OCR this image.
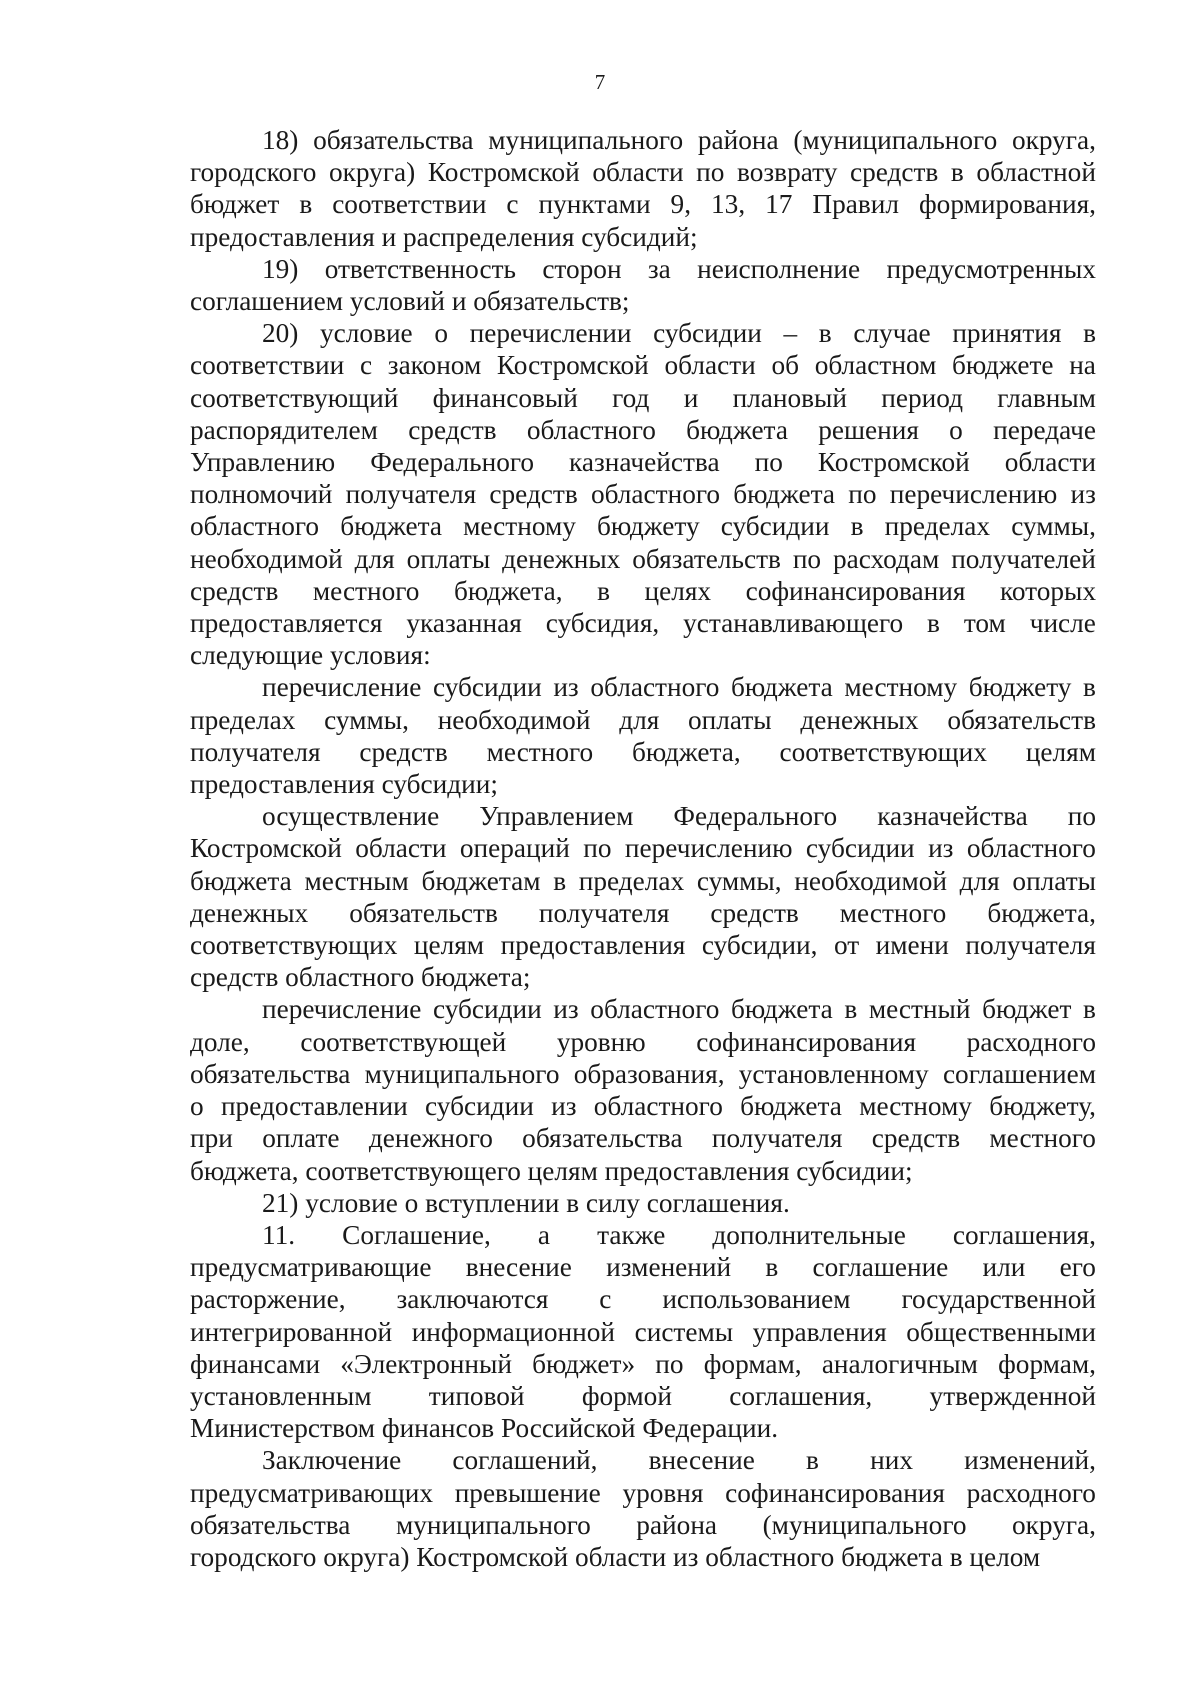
7
18) обязательства муниципального района (муниципального округа,
городского округа) Костромской области по возврату средств в областной
бюджет в соответствии с пунктами 9, 13, 17 Правил формирования,
предоставления и распределения субсидий;
19) ответственность сторон за неисполнение предусмотренных
соглашением условий и обязательств;
20) условие о перечислении субсидии – в случае принятия в
соответствии с законом Костромской области об областном бюджете на
соответствующий финансовый год и плановый период главным
распорядителем средств областного бюджета решения о передаче
Управлению Федерального казначейства по Костромской области
полномочий получателя средств областного бюджета по перечислению из
областного бюджета местному бюджету субсидии в пределах суммы,
необходимой для оплаты денежных обязательств по расходам получателей
средств местного бюджета, в целях софинансирования которых
предоставляется указанная субсидия, устанавливающего в том числе
следующие условия:
перечисление субсидии из областного бюджета местному бюджету в
пределах суммы, необходимой для оплаты денежных обязательств
получателя средств местного бюджета, соответствующих целям
предоставления субсидии;
осуществление Управлением Федерального казначейства по
Костромской области операций по перечислению субсидии из областного
бюджета местным бюджетам в пределах суммы, необходимой для оплаты
денежных обязательств получателя средств местного бюджета,
соответствующих целям предоставления субсидии, от имени получателя
средств областного бюджета;
перечисление субсидии из областного бюджета в местный бюджет в
доле, соответствующей уровню софинансирования расходного
обязательства муниципального образования, установленному соглашением
о предоставлении субсидии из областного бюджета местному бюджету,
при оплате денежного обязательства получателя средств местного
бюджета, соответствующего целям предоставления субсидии;
21) условие о вступлении в силу соглашения.
11. Соглашение, а также дополнительные соглашения,
предусматривающие внесение изменений в соглашение или его
расторжение, заключаются с использованием государственной
интегрированной информационной системы управления общественными
финансами «Электронный бюджет» по формам, аналогичным формам,
установленным типовой формой соглашения, утвержденной
Министерством финансов Российской Федерации.
Заключение соглашений, внесение в них изменений,
предусматривающих превышение уровня софинансирования расходного
обязательства муниципального района (муниципального округа,
городского округа) Костромской области из областного бюджета в целом
